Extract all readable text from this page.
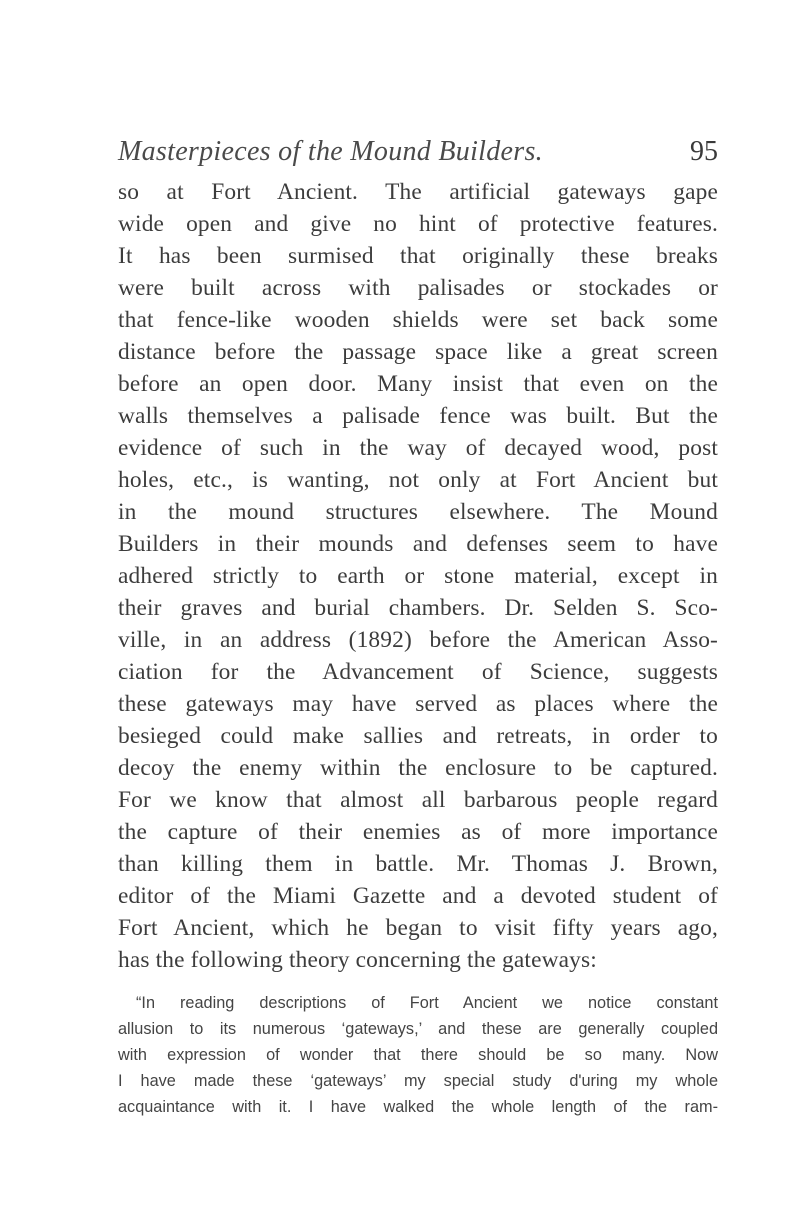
Masterpieces of the Mound Builders.	95
so at Fort Ancient. The artificial gateways gape
wide open and give no hint of protective features.
It has been surmised that originally these breaks
were built across with palisades or stockades or
that fence-like wooden shields were set back some
distance before the passage space like a great screen
before an open door. Many insist that even on the
walls themselves a palisade fence was built. But the
evidence of such in the way of decayed wood, post
holes, etc., is wanting, not only at Fort Ancient but
in the mound structures elsewhere. The Mound
Builders in their mounds and defenses seem to have
adhered strictly to earth or stone material, except in
their graves and burial chambers. Dr. Selden S. Sco-
ville, in an address (1892) before the American Asso-
ciation for the Advancement of Science, suggests
these gateways may have served as places where the
besieged could make sallies and retreats, in order to
decoy the enemy within the enclosure to be captured.
For we know that almost all barbarous people regard
the capture of their enemies as of more importance
than killing them in battle. Mr. Thomas J. Brown,
editor of the Miami Gazette and a devoted student of
Fort Ancient, which he began to visit fifty years ago,
has the following theory concerning the gateways:
“In reading descriptions of Fort Ancient we notice constant
allusion to its numerous ‘gateways,’ and these are generally coupled
with expression of wonder that there should be so many. Now
I have made these ‘gateways’ my special study d'uring my whole
acquaintance with it. I have walked the whole length of the ram-
